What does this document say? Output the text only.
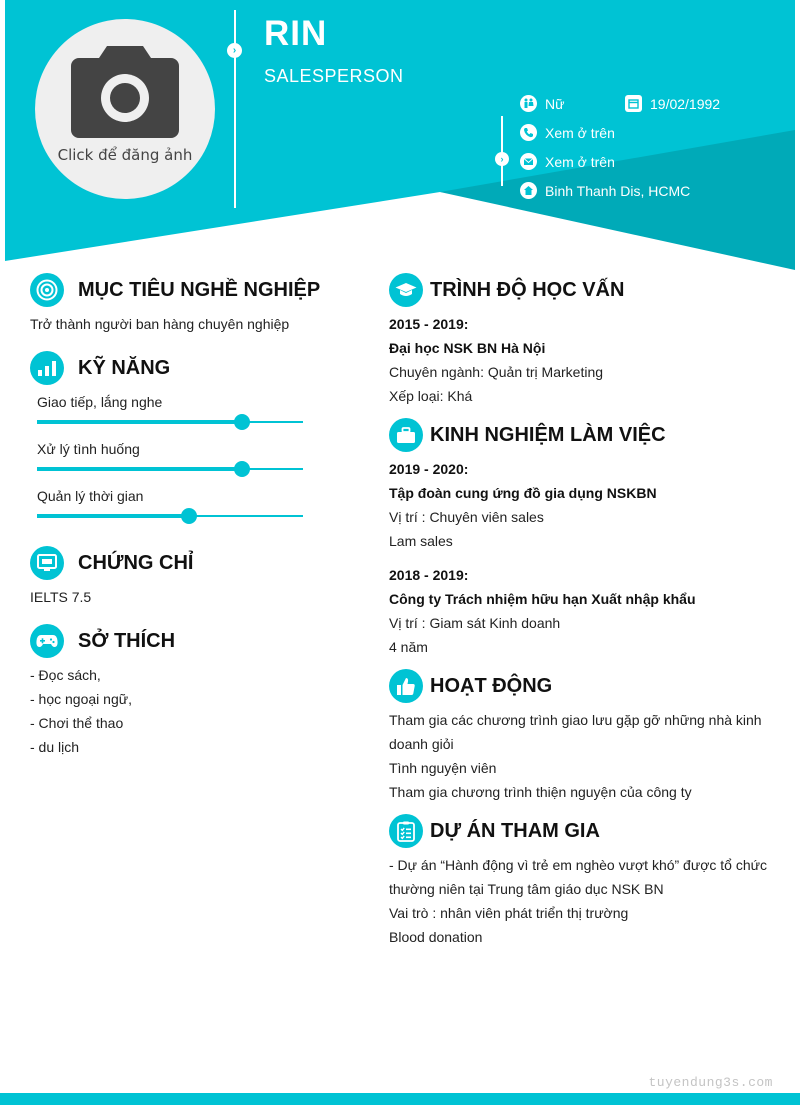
Click để đăng ảnh
› RIN
SALESPERSON
›
Nữ	19/02/1992
Xem ở trên
Xem ở trên
Binh Thanh Dis, HCMC
MỤC TIÊU NGHỀ NGHIỆP
Trở thành người ban hàng chuyên nghiệp
KỸ NĂNG
Giao tiếp, lắng nghe
Xử lý tình huống
Quản lý thời gian
CHỨNG CHỈ
IELTS 7.5
SỞ THÍCH
- Đọc sách,
- học ngoại ngữ,
- Chơi thể thao
- du lịch
TRÌNH ĐỘ HỌC VẤN
2015 - 2019:
Đại học NSK BN Hà Nội
Chuyên ngành: Quản trị Marketing
Xếp loại: Khá
KINH NGHIỆM LÀM VIỆC
2019 - 2020:
Tập đoàn cung ứng đồ gia dụng NSKBN
Vị trí : Chuyên viên sales
Lam sales
2018 - 2019:
Công ty Trách nhiệm hữu hạn Xuất nhập khẩu
Vị trí : Giam sát Kinh doanh
4 năm
HOẠT ĐỘNG
Tham gia các chương trình giao lưu gặp gỡ những nhà kinh
doanh giỏi
Tình nguyện viên
Tham gia chương trình thiện nguyện của công ty
DỰ ÁN THAM GIA
- Dự án “Hành động vì trẻ em nghèo vượt khó” được tổ chức
thường niên tại Trung tâm giáo dục NSK BN
Vai trò : nhân viên phát triển thị trường
Blood donation
tuyendung3s.com
